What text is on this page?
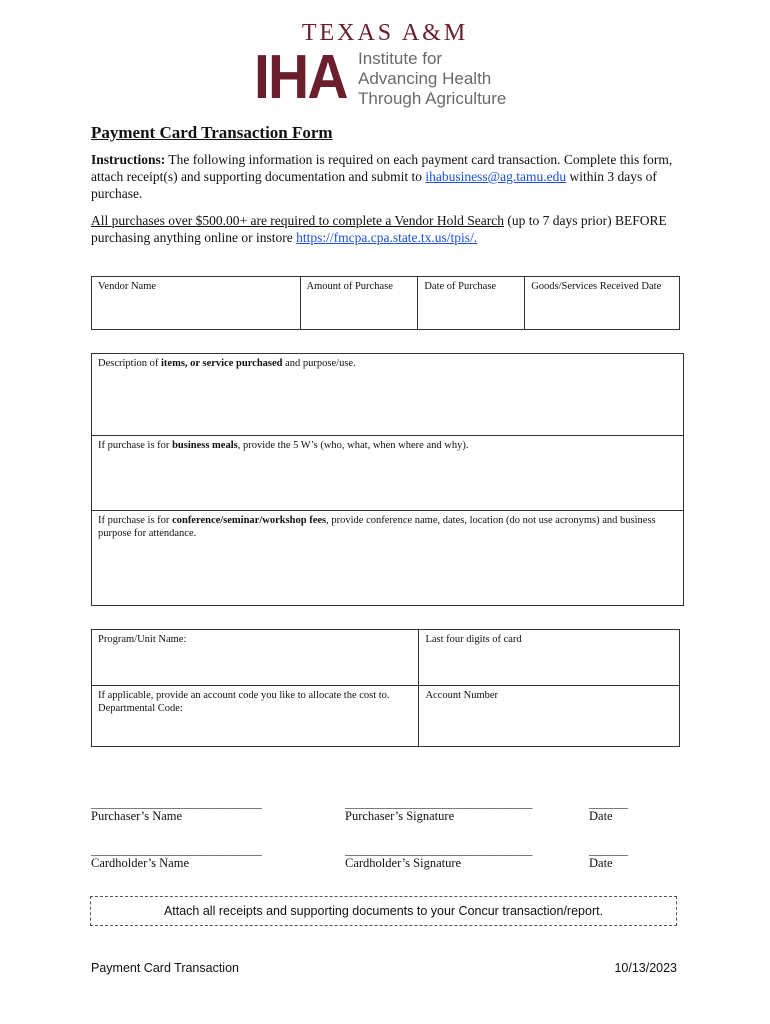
TEXAS A&M
IHA Institute for
Advancing Health
Through Agriculture
Payment Card Transaction Form
Instructions: The following information is required on each payment card transaction. Complete this form, attach receipt(s) and supporting documentation and submit to ihabusiness@ag.tamu.edu within 3 days of purchase.
All purchases over $500.00+ are required to complete a Vendor Hold Search (up to 7 days prior) BEFORE purchasing anything online or instore https://fmcpa.cpa.state.tx.us/tpis/.
Vendor Name	Amount of Purchase	Date of Purchase	Goods/Services Received Date
Description of items, or service purchased and purpose/use.
If purchase is for business meals, provide the 5 W’s (who, what, when where and why).
If purchase is for conference/seminar/workshop fees, provide conference name, dates, location (do not use acronyms) and business purpose for attendance.
Program/Unit Name:	Last four digits of card

If applicable, provide an account code you like to allocate the cost to.
Departmental Code:	Account Number
_______________________________	__________________________________	_______
Purchaser’s Name	Purchaser’s Signature	Date
_______________________________	__________________________________	_______
Cardholder’s Name	Cardholder’s Signature	Date
Attach all receipts and supporting documents to your Concur transaction/report.
Payment Card Transaction	10/13/2023
